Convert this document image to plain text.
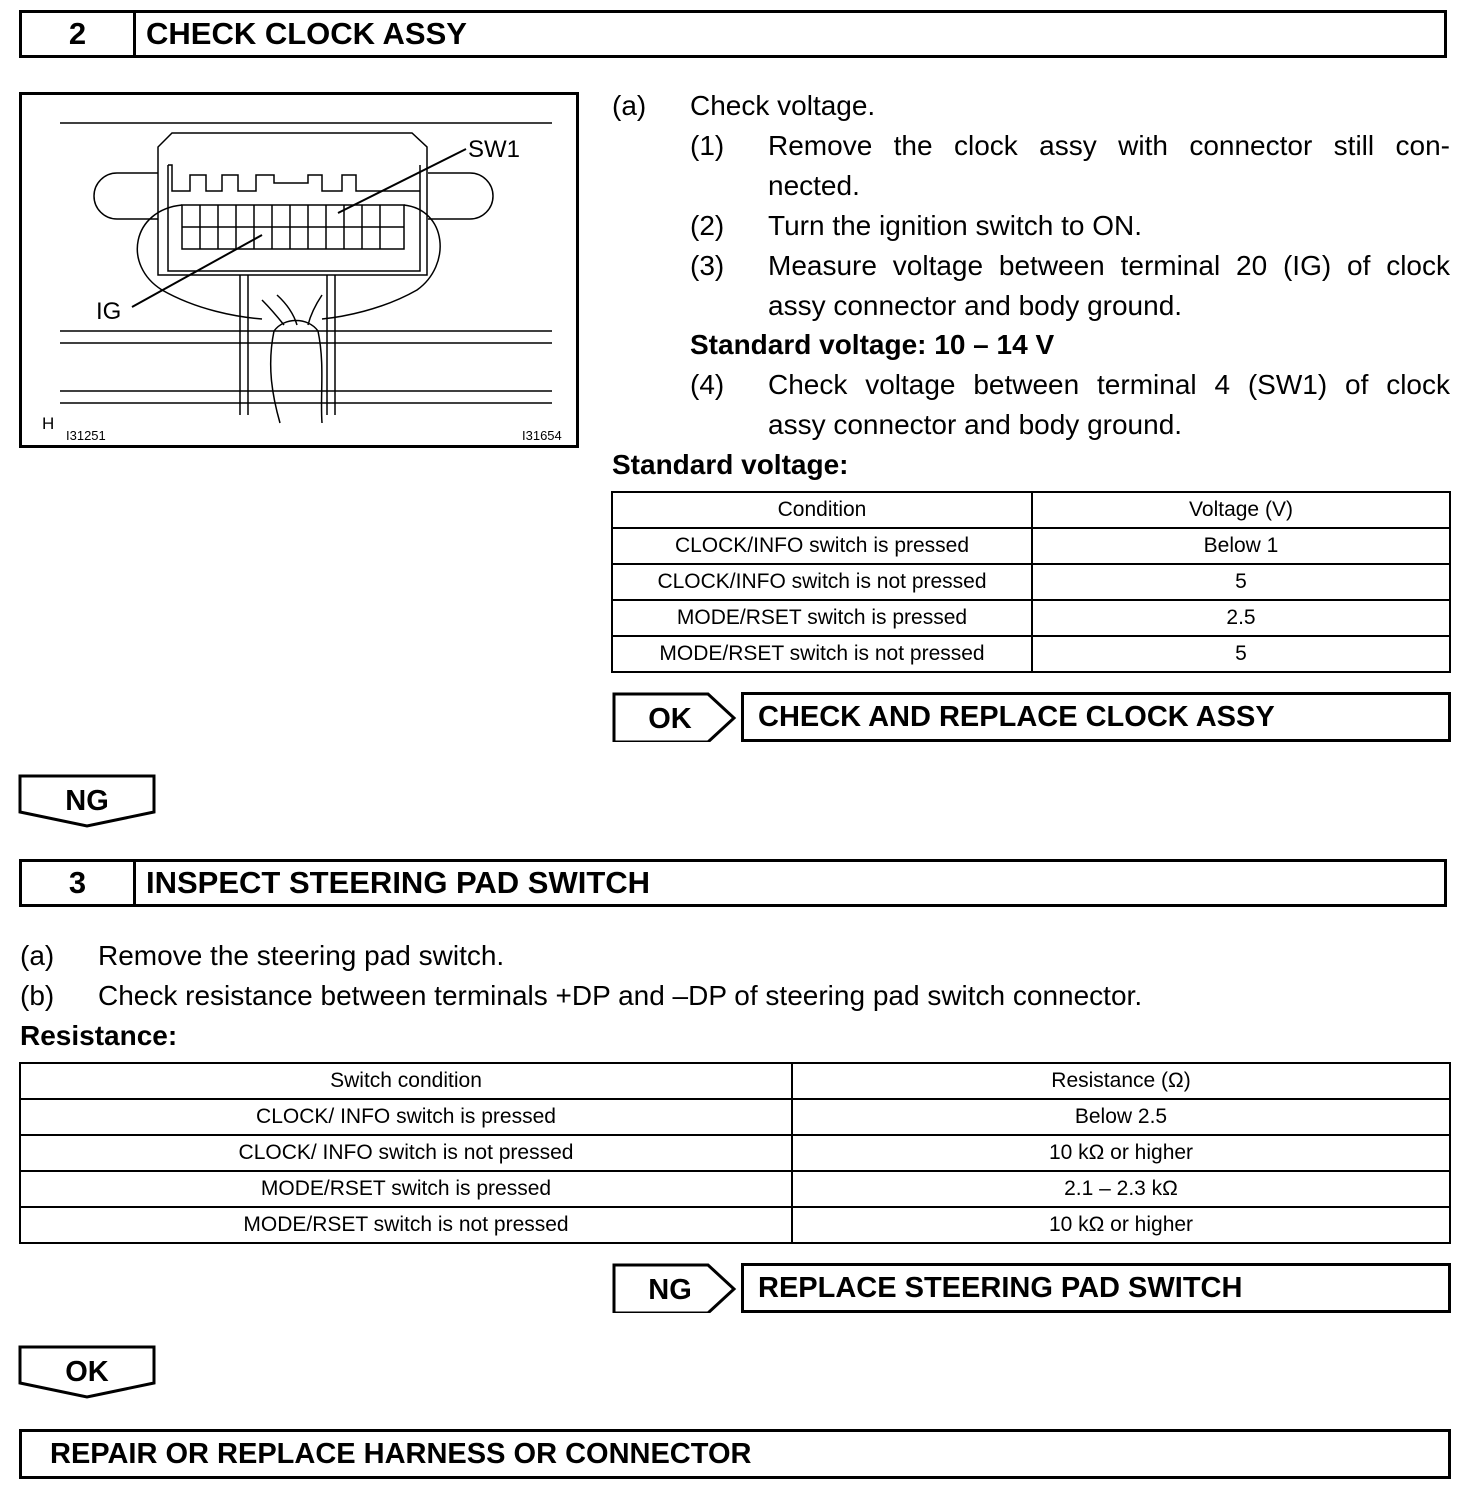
2	CHECK CLOCK ASSY
SW1
IG
H
I31251	I31654
(a) Check voltage.
(1) Remove the clock assy with connector still con-
nected.
(2) Turn the ignition switch to ON.
(3) Measure voltage between terminal 20 (IG) of clock
assy connector and body ground.
Standard voltage: 10 – 14 V
(4) Check voltage between terminal 4 (SW1) of clock
assy connector and body ground.
Standard voltage:
Condition	Voltage (V)
CLOCK/INFO switch is pressed	Below 1
CLOCK/INFO switch is not pressed	5
MODE/RSET switch is pressed	2.5
MODE/RSET switch is not pressed	5
OK	CHECK AND REPLACE CLOCK ASSY
NG
3	INSPECT STEERING PAD SWITCH
(a) Remove the steering pad switch.
(b) Check resistance between terminals +DP and –DP of steering pad switch connector.
Resistance:
Switch condition	Resistance (Ω)
CLOCK/ INFO switch is pressed	Below 2.5
CLOCK/ INFO switch is not pressed	10 kΩ or higher
MODE/RSET switch is pressed	2.1 – 2.3 kΩ
MODE/RSET switch is not pressed	10 kΩ or higher
NG	REPLACE STEERING PAD SWITCH
OK
REPAIR OR REPLACE HARNESS OR CONNECTOR
